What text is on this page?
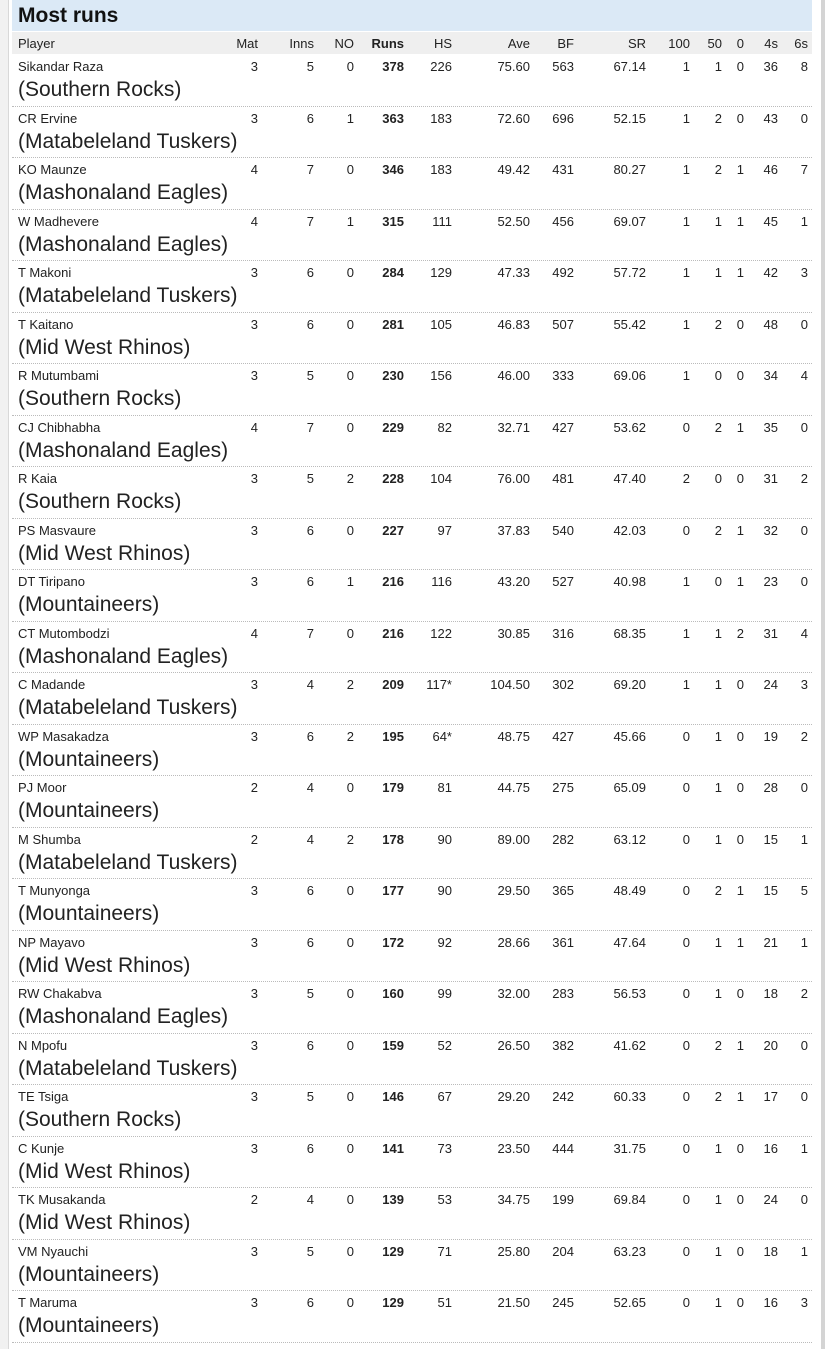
Most runs
Player	Mat	Inns	NO	Runs	HS	Ave	BF	SR	100	50	0	4s	6s
Sikandar Raza	3	5	0	378	226	75.60	563	67.14	1	1	0	36	8
(Southern Rocks)
CR Ervine	3	6	1	363	183	72.60	696	52.15	1	2	0	43	0
(Matabeleland Tuskers)
KO Maunze	4	7	0	346	183	49.42	431	80.27	1	2	1	46	7
(Mashonaland Eagles)
W Madhevere	4	7	1	315	111	52.50	456	69.07	1	1	1	45	1
(Mashonaland Eagles)
T Makoni	3	6	0	284	129	47.33	492	57.72	1	1	1	42	3
(Matabeleland Tuskers)
T Kaitano	3	6	0	281	105	46.83	507	55.42	1	2	0	48	0
(Mid West Rhinos)
R Mutumbami	3	5	0	230	156	46.00	333	69.06	1	0	0	34	4
(Southern Rocks)
CJ Chibhabha	4	7	0	229	82	32.71	427	53.62	0	2	1	35	0
(Mashonaland Eagles)
R Kaia	3	5	2	228	104	76.00	481	47.40	2	0	0	31	2
(Southern Rocks)
PS Masvaure	3	6	0	227	97	37.83	540	42.03	0	2	1	32	0
(Mid West Rhinos)
DT Tiripano	3	6	1	216	116	43.20	527	40.98	1	0	1	23	0
(Mountaineers)
CT Mutombodzi	4	7	0	216	122	30.85	316	68.35	1	1	2	31	4
(Mashonaland Eagles)
C Madande	3	4	2	209	117*	104.50	302	69.20	1	1	0	24	3
(Matabeleland Tuskers)
WP Masakadza	3	6	2	195	64*	48.75	427	45.66	0	1	0	19	2
(Mountaineers)
PJ Moor	2	4	0	179	81	44.75	275	65.09	0	1	0	28	0
(Mountaineers)
M Shumba	2	4	2	178	90	89.00	282	63.12	0	1	0	15	1
(Matabeleland Tuskers)
T Munyonga	3	6	0	177	90	29.50	365	48.49	0	2	1	15	5
(Mountaineers)
NP Mayavo	3	6	0	172	92	28.66	361	47.64	0	1	1	21	1
(Mid West Rhinos)
RW Chakabva	3	5	0	160	99	32.00	283	56.53	0	1	0	18	2
(Mashonaland Eagles)
N Mpofu	3	6	0	159	52	26.50	382	41.62	0	2	1	20	0
(Matabeleland Tuskers)
TE Tsiga	3	5	0	146	67	29.20	242	60.33	0	2	1	17	0
(Southern Rocks)
C Kunje	3	6	0	141	73	23.50	444	31.75	0	1	0	16	1
(Mid West Rhinos)
TK Musakanda	2	4	0	139	53	34.75	199	69.84	0	1	0	24	0
(Mid West Rhinos)
VM Nyauchi	3	5	0	129	71	25.80	204	63.23	0	1	0	18	1
(Mountaineers)
T Maruma	3	6	0	129	51	21.50	245	52.65	0	1	0	16	3
(Mountaineers)
